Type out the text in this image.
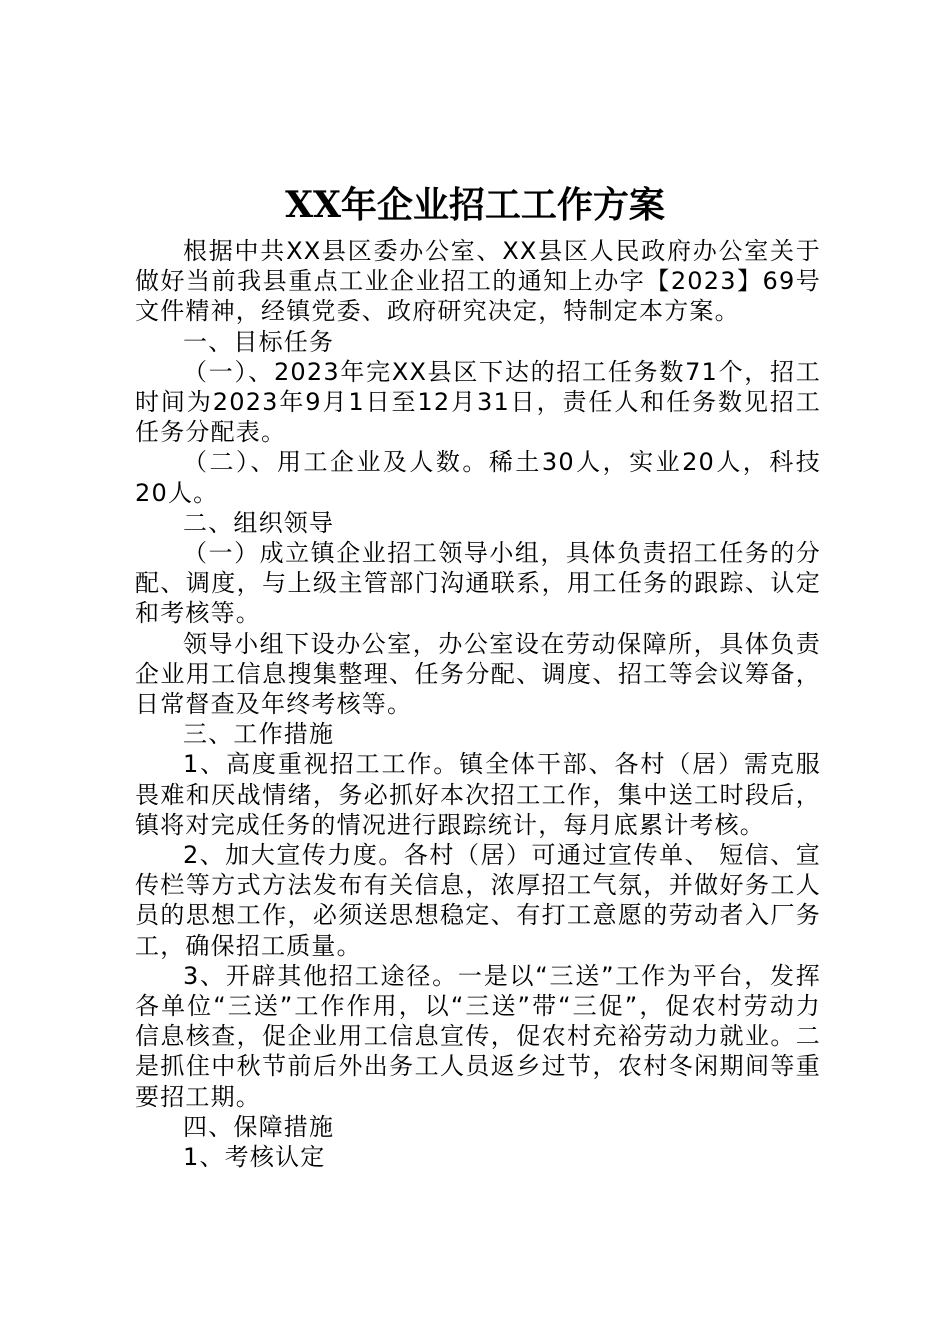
XX年企业招工工作方案

根据中共XX县区委办公室、XX县区人民政府办公室关于做好当前我县重点工业企业招工的通知上办字【2023】69号文件精神，经镇党委、政府研究决定，特制定本方案。

一、目标任务

（一）、2023年完XX县区下达的招工任务数71个，招工时间为2023年9月1日至12月31日，责任人和任务数见招工任务分配表。

（二）、用工企业及人数。稀土30人，实业20人，科技20人。

二、组织领导

（一）成立镇企业招工领导小组，具体负责招工任务的分配、调度，与上级主管部门沟通联系，用工任务的跟踪、认定和考核等。

领导小组下设办公室，办公室设在劳动保障所，具体负责企业用工信息搜集整理、任务分配、调度、招工等会议筹备，日常督查及年终考核等。

三、工作措施

1、高度重视招工工作。镇全体干部、各村（居）需克服畏难和厌战情绪，务必抓好本次招工工作，集中送工时段后，镇将对完成任务的情况进行跟踪统计，每月底累计考核。

2、加大宣传力度。各村（居）可通过宣传单、 短信、宣传栏等方式方法发布有关信息，浓厚招工气氛，并做好务工人员的思想工作，必须送思想稳定、有打工意愿的劳动者入厂务工，确保招工质量。

3、开辟其他招工途径。一是以“三送”工作为平台，发挥各单位“三送”工作作用，以“三送”带“三促”，促农村劳动力信息核查，促企业用工信息宣传，促农村充裕劳动力就业。二是抓住中秋节前后外出务工人员返乡过节，农村冬闲期间等重要招工期。

四、保障措施

1、考核认定
